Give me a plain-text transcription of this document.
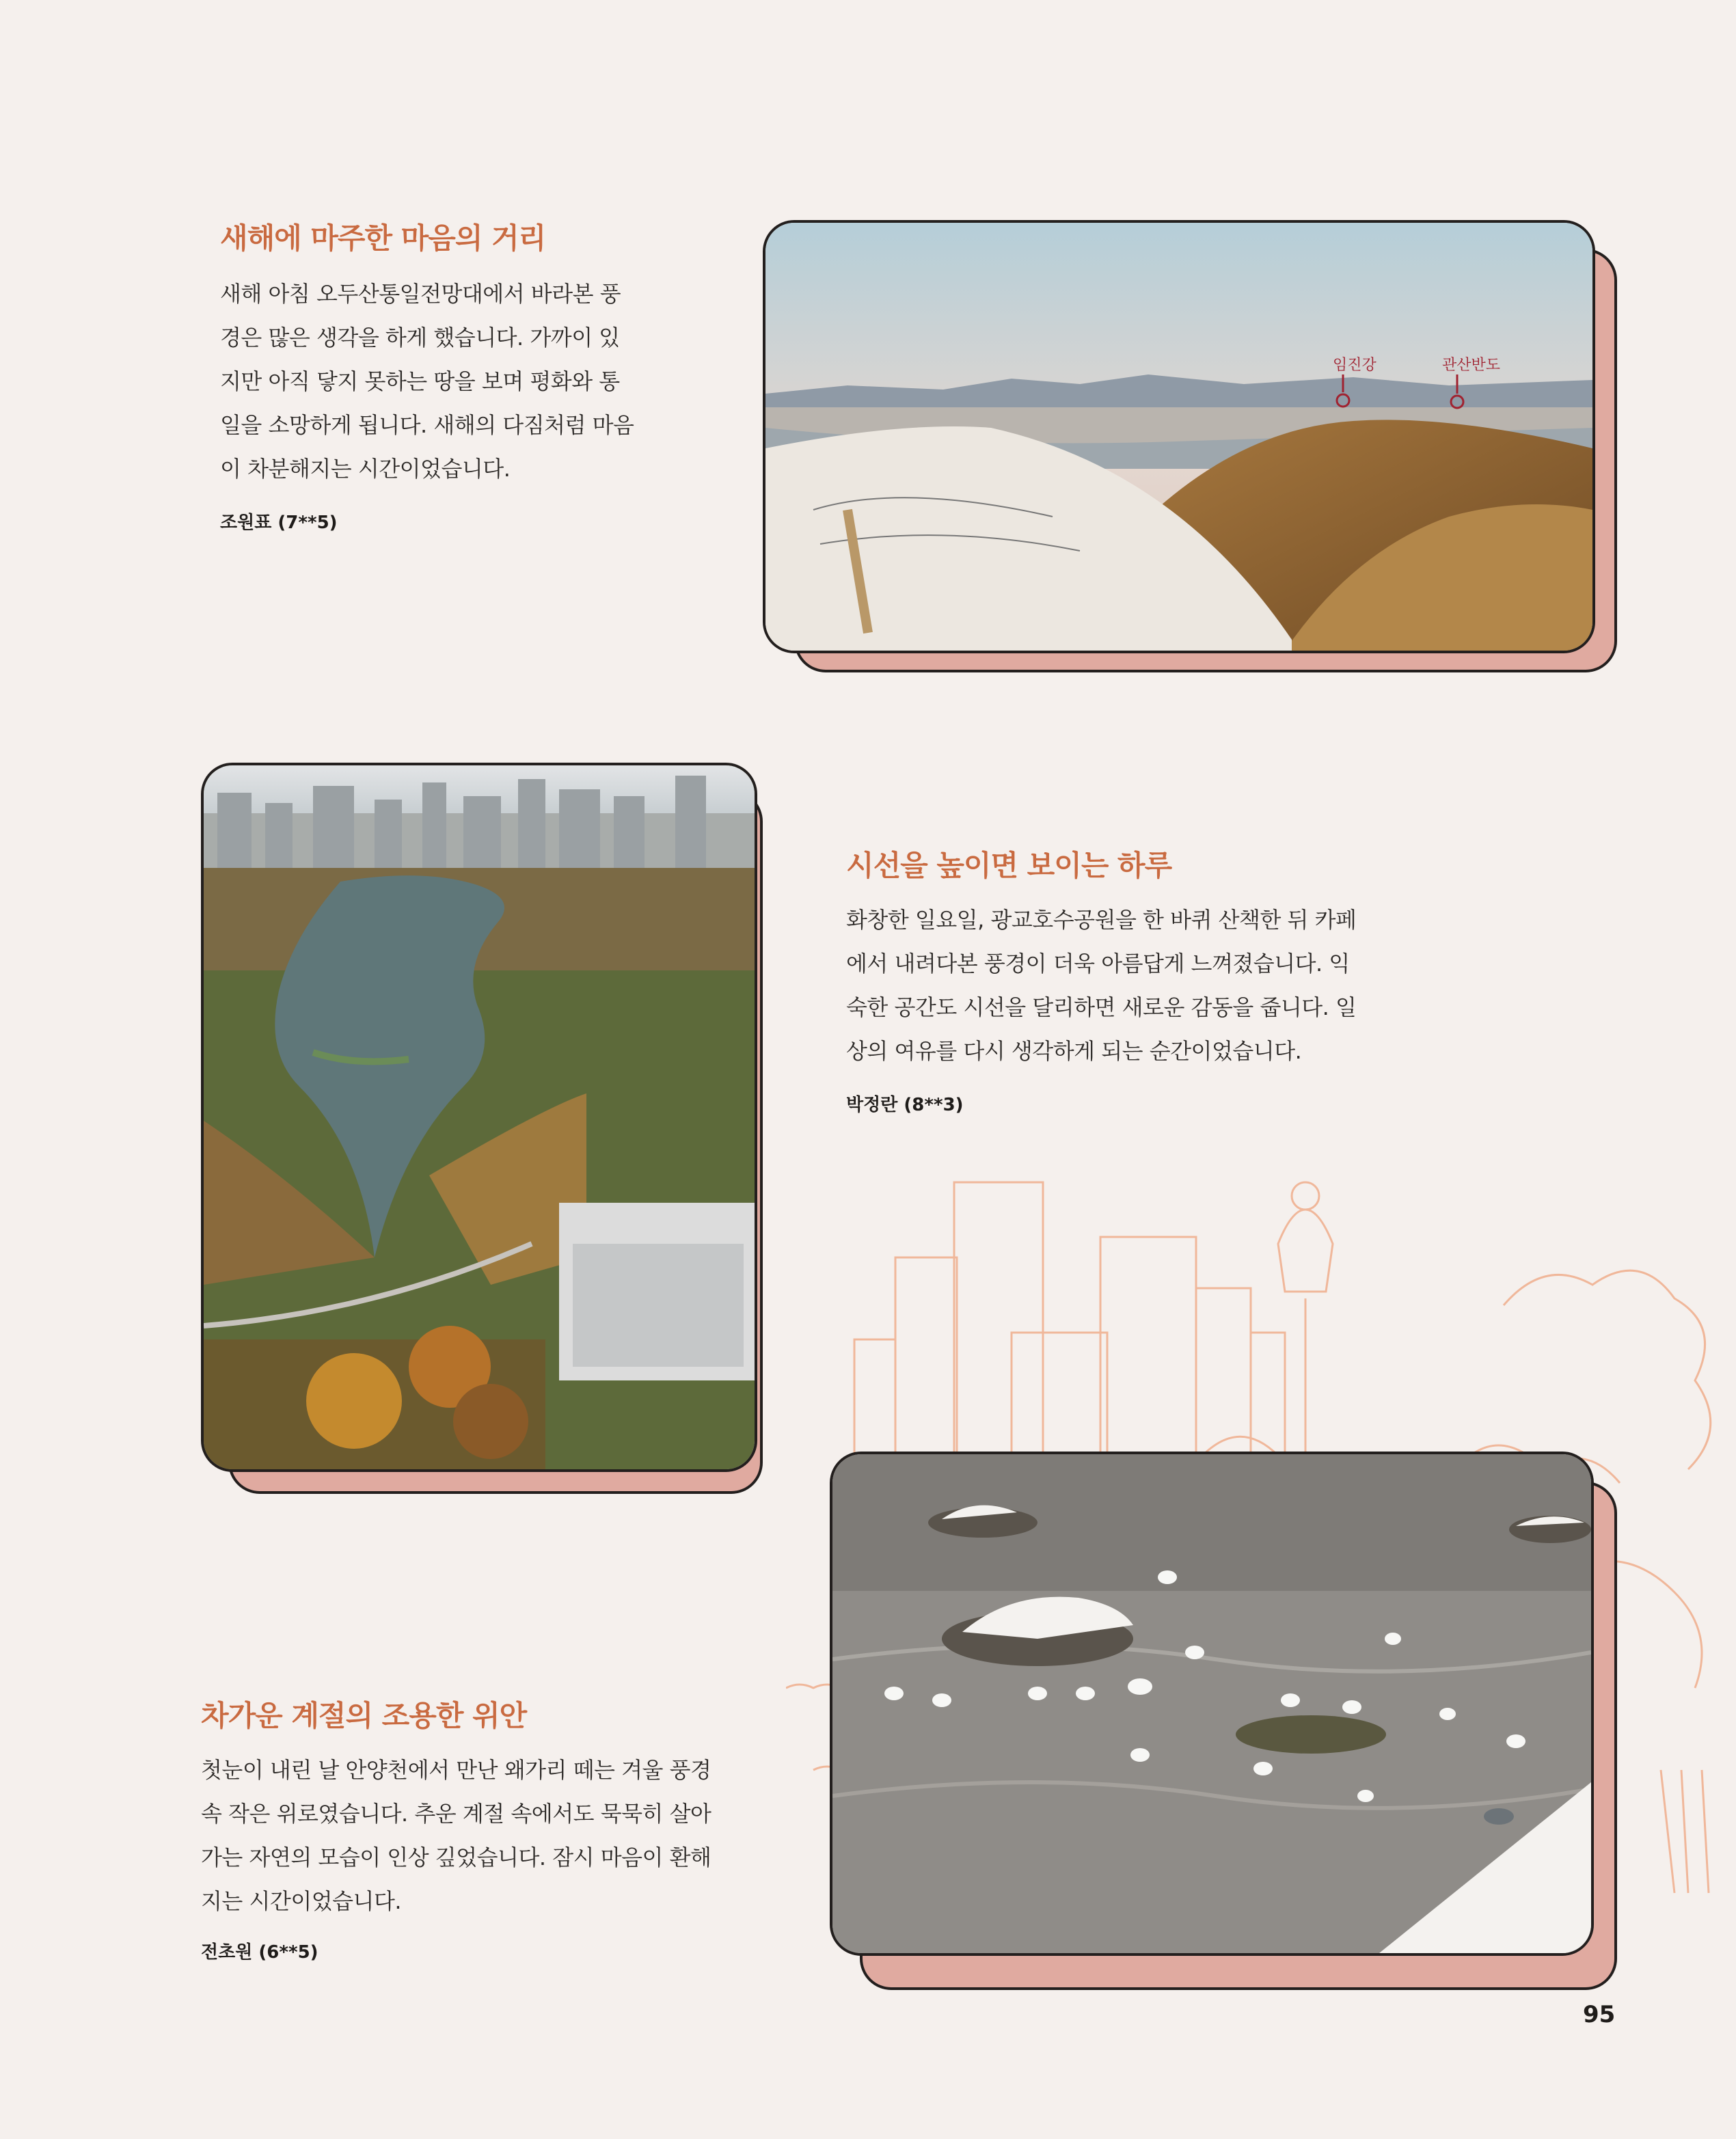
새해에 마주한 마음의 거리
새해 아침 오두산통일전망대에서 바라본 풍
경은 많은 생각을 하게 했습니다. 가까이 있
지만 아직 닿지 못하는 땅을 보며 평화와 통
일을 소망하게 됩니다. 새해의 다짐처럼 마음
이 차분해지는 시간이었습니다.
조원표 (7**5)
임진강	관산반도
시선을 높이면 보이는 하루
화창한 일요일, 광교호수공원을 한 바퀴 산책한 뒤 카페
에서 내려다본 풍경이 더욱 아름답게 느껴졌습니다. 익
숙한 공간도 시선을 달리하면 새로운 감동을 줍니다. 일
상의 여유를 다시 생각하게 되는 순간이었습니다.
박정란 (8**3)
차가운 계절의 조용한 위안
첫눈이 내린 날 안양천에서 만난 왜가리 떼는 겨울 풍경
속 작은 위로였습니다. 추운 계절 속에서도 묵묵히 살아
가는 자연의 모습이 인상 깊었습니다. 잠시 마음이 환해
지는 시간이었습니다.
전초원 (6**5)
95
